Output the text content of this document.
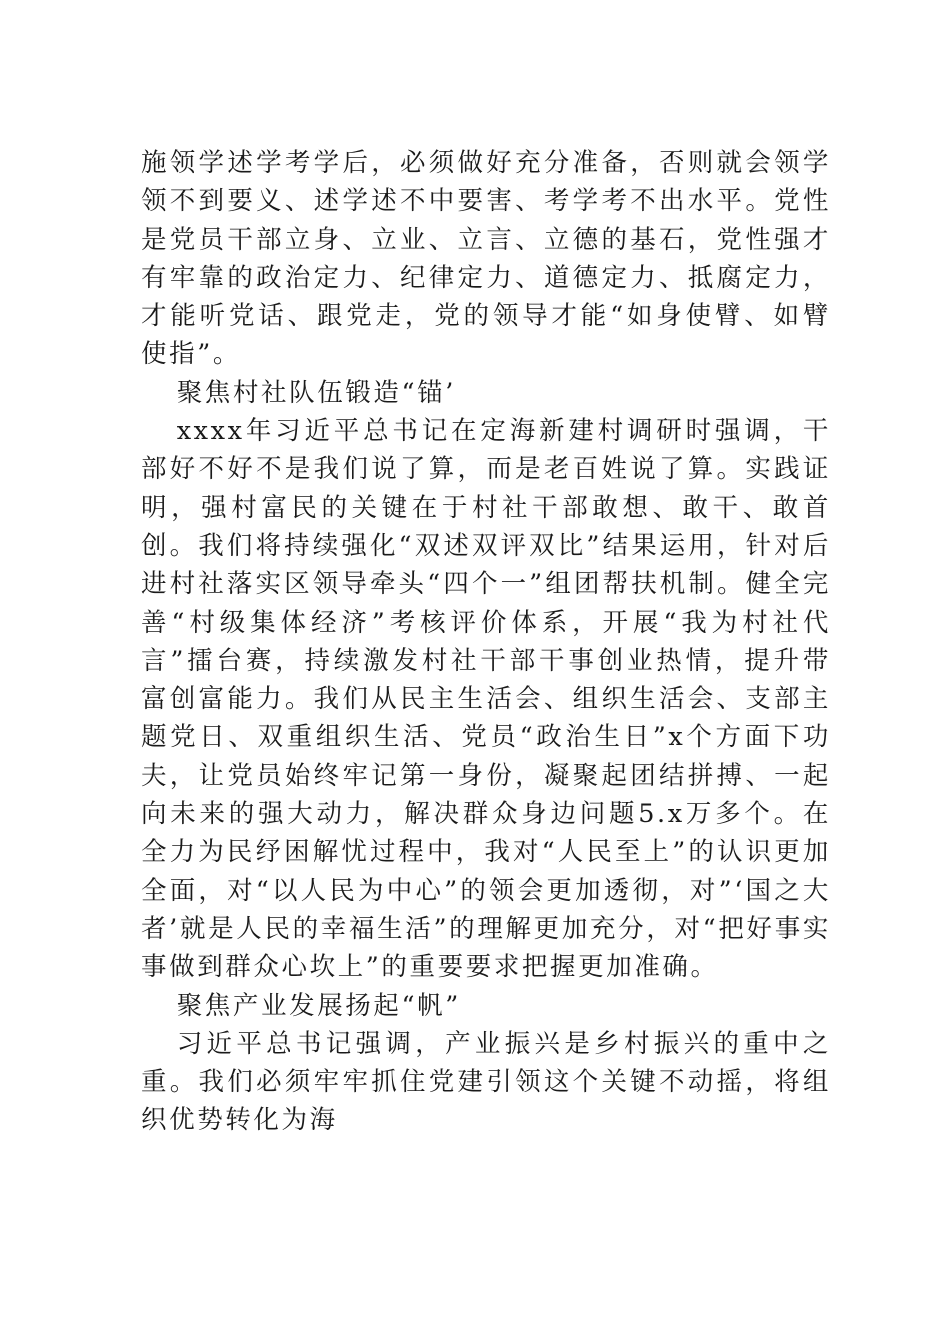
施领学述学考学后，必须做好充分准备，否则就会领学领不到要义、述学述不中要害、考学考不出水平。党性是党员干部立身、立业、立言、立德的基石，党性强才有牢靠的政治定力、纪律定力、道德定力、抵腐定力，才能听党话、跟党走，党的领导才能“如身使臂、如臂使指”。

聚焦村社队伍锻造“锚’

xxxx年习近平总书记在定海新建村调研时强调，干部好不好不是我们说了算，而是老百姓说了算。实践证明，强村富民的关键在于村社干部敢想、敢干、敢首创。我们将持续强化“双述双评双比”结果运用，针对后进村社落实区领导牵头“四个一”组团帮扶机制。健全完善“村级集体经济”考核评价体系，开展“我为村社代言”擂台赛，持续激发村社干部干事创业热情，提升带富创富能力。我们从民主生活会、组织生活会、支部主题党日、双重组织生活、党员“政治生日”x个方面下功夫，让党员始终牢记第一身份，凝聚起团结拼搏、一起向未来的强大动力，解决群众身边问题5.x万多个。在全力为民纾困解忧过程中，我对“人民至上”的认识更加全面，对“以人民为中心”的领会更加透彻，对”‘国之大者’就是人民的幸福生活”的理解更加充分，对“把好事实事做到群众心坎上”的重要要求把握更加准确。

聚焦产业发展扬起“帆”

习近平总书记强调，产业振兴是乡村振兴的重中之重。我们必须牢牢抓住党建引领这个关键不动摇，将组织优势转化为海
